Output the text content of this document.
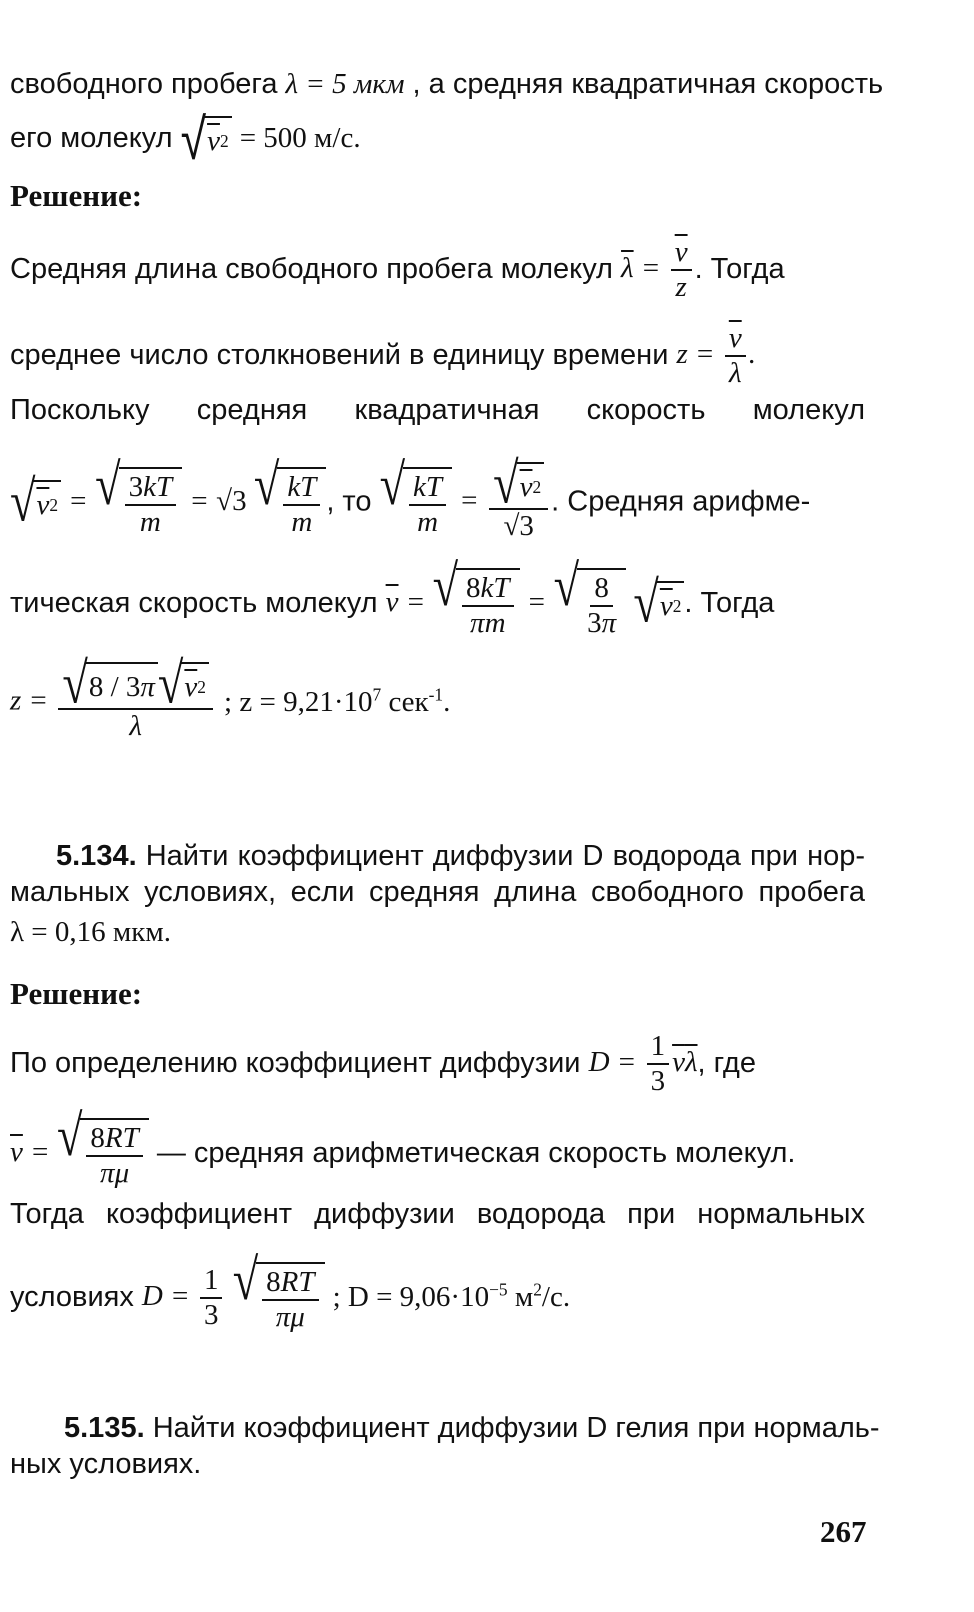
свободного пробега λ = 5 мкм , а средняя квадратичная скорость
его молекул √ v 2 = 500 м/с.
Решение:
Средняя длина свободного пробега молекул $\overline{\lambda} = \frac{\overline{v}}{z}$ . Тогда
среднее число столкновений в единицу времени $z = \frac{\overline{v}}{\lambda}$ .
Поскольку средняя квадратичная скорость молекул
√ v 2 = √ $\frac{3kT}{m} = √3$ √ $\frac{kT}{m}$ , то √ $\frac{kT}{m} = \frac{√ v 2}{√3}$ . Средняя арифме-
тическая скорость молекул $\overline{v}$ = √ $\frac{8kT}{\pi m}$ = √ $\frac{8}{3\pi}$
√ v 2 . Тогда
$z = \frac{√ 8 / 3 \pi √ v 2}{\lambda}$ ; $z = 9,21\cdot 10^7$ сек$^{-1}$.
5.134. Найти коэффициент диффузии D водорода при нор-
мальных условиях, если средняя длина свободного пробега
λ = 0,16 мкм.
Решение:
По определению коэффициент диффузии $D = \frac{1}{3} \overline{v}\overline{\lambda}$, где
$\overline{v}$ = √ $\frac{8RT}{\pi\mu}$ — средняя арифметическая скорость молекул.
Тогда коэффициент диффузии водорода при нормальных
условиях $D = \frac{1}{3}$
√ $\frac{8RT}{\pi\mu}$ ; $D = 9,06\cdot 10^{-5}$ $м^2/с$.
5.135. Найти коэффициент диффузии D гелия при нормаль-
ных условиях.
267
